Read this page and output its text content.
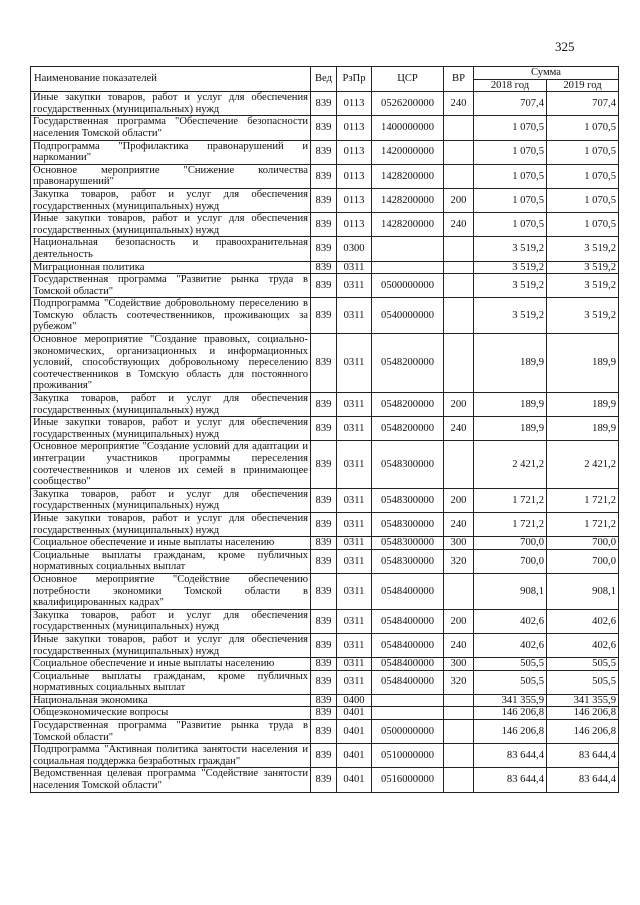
325
Наименование показателей	Вед	РзПр	ЦСР	ВР	Сумма	
					2018 год	2019 год
Иные закупки товаров, работ и услуг для обеспечения государственных (муниципальных) нужд	839	0113	0526200000	240	707,4	707,4
Государственная программа "Обеспечение безопасности населения Томской области"	839	0113	1400000000		1 070,5	1 070,5
Подпрограмма "Профилактика правонарушений и наркомании"	839	0113	1420000000		1 070,5	1 070,5
Основное мероприятие "Снижение количества правонарушений"	839	0113	1428200000		1 070,5	1 070,5
Закупка товаров, работ и услуг для обеспечения государственных (муниципальных) нужд	839	0113	1428200000	200	1 070,5	1 070,5
Иные закупки товаров, работ и услуг для обеспечения государственных (муниципальных) нужд	839	0113	1428200000	240	1 070,5	1 070,5
Национальная безопасность и правоохранительная деятельность	839	0300			3 519,2	3 519,2
Миграционная политика	839	0311			3 519,2	3 519,2
Государственная программа "Развитие рынка труда в Томской области"	839	0311	0500000000		3 519,2	3 519,2
Подпрограмма "Содействие добровольному переселению в Томскую область соотечественников, проживающих за рубежом"	839	0311	0540000000		3 519,2	3 519,2
Основное мероприятие "Создание правовых, социально-экономических, организационных и информационных условий, способствующих добровольному переселению соотечественников в Томскую область для постоянного проживания"	839	0311	0548200000		189,9	189,9
Закупка товаров, работ и услуг для обеспечения государственных (муниципальных) нужд	839	0311	0548200000	200	189,9	189,9
Иные закупки товаров, работ и услуг для обеспечения государственных (муниципальных) нужд	839	0311	0548200000	240	189,9	189,9
Основное мероприятие "Создание условий для адаптации и интеграции участников программы переселения соотечественников и членов их семей в принимающее сообщество"	839	0311	0548300000		2 421,2	2 421,2
Закупка товаров, работ и услуг для обеспечения государственных (муниципальных) нужд	839	0311	0548300000	200	1 721,2	1 721,2
Иные закупки товаров, работ и услуг для обеспечения государственных (муниципальных) нужд	839	0311	0548300000	240	1 721,2	1 721,2
Социальное обеспечение и иные выплаты населению	839	0311	0548300000	300	700,0	700,0
Социальные выплаты гражданам, кроме публичных нормативных социальных выплат	839	0311	0548300000	320	700,0	700,0
Основное мероприятие "Содействие обеспечению потребности экономики Томской области в квалифицированных кадрах"	839	0311	0548400000		908,1	908,1
Закупка товаров, работ и услуг для обеспечения государственных (муниципальных) нужд	839	0311	0548400000	200	402,6	402,6
Иные закупки товаров, работ и услуг для обеспечения государственных (муниципальных) нужд	839	0311	0548400000	240	402,6	402,6
Социальное обеспечение и иные выплаты населению	839	0311	0548400000	300	505,5	505,5
Социальные выплаты гражданам, кроме публичных нормативных социальных выплат	839	0311	0548400000	320	505,5	505,5
Национальная экономика	839	0400			341 355,9	341 355,9
Общеэкономические вопросы	839	0401			146 206,8	146 206,8
Государственная программа "Развитие рынка труда в Томской области"	839	0401	0500000000		146 206,8	146 206,8
Подпрограмма "Активная политика занятости населения и социальная поддержка безработных граждан"	839	0401	0510000000		83 644,4	83 644,4
Ведомственная целевая программа "Содействие занятости населения Томской области"	839	0401	0516000000		83 644,4	83 644,4
